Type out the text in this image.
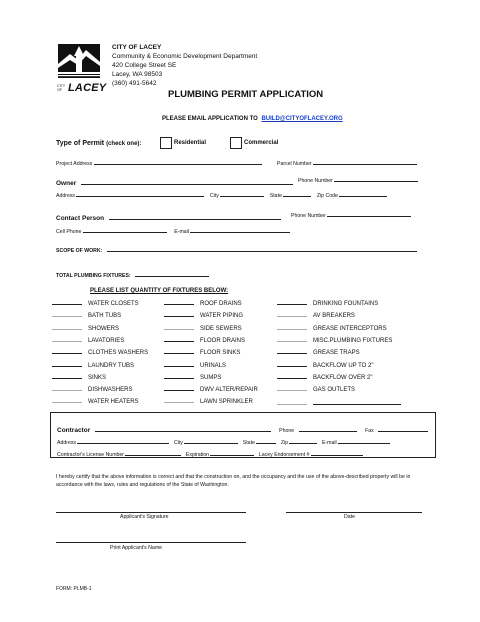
CITY OF LACEY
CITY OF LACEY
Community & Economic Development Department
420 College Street SE
Lacey, WA 98503
(360) 491-5642
PLUMBING PERMIT APPLICATION
PLEASE EMAIL APPLICATION TO BUILD@CITYOFLACEY.ORG
Type of Permit (check one):	Residential	Commercial
Project Address	Parcel Number
Owner	Phone Number
Address	City	State	Zip Code
Contact Person	Phone Number
Cell Phone	E-mail
SCOPE OF WORK:
TOTAL PLUMBING FIXTURES:
PLEASE LIST QUANTITY OF FIXTURES BELOW:
WATER CLOSETS	ROOF DRAINS	DRINKING FOUNTAINS
BATH TUBS	WATER PIPING	AV BREAKERS
SHOWERS	SIDE SEWERS	GREASE INTERCEPTORS
LAVATORIES	FLOOR DRAINS	MISC.PLUMBING FIXTURES
CLOTHES WASHERS	FLOOR SINKS	GREASE TRAPS
LAUNDRY TUBS	URINALS	BACKFLOW UP TO 2"
SINKS	SUMPS	BACKFLOW OVER 2"
DISHWASHERS	DWV ALTER/REPAIR	GAS OUTLETS
WATER HEATERS	LAWN SPRINKLER
Contractor	Phone	Fax
Address	City	State	Zip	E-mail
Contractor's License Number	Expiration	Lacey Endorsement #
I hereby certify that the above information is correct and that the construction on, and the occupancy and the use of the above-described property will be in accordance with the laws, rules and regulations of the State of Washington.
Applicant's Signature	Date
Print Applicant's Name
FORM: PLMB-1
